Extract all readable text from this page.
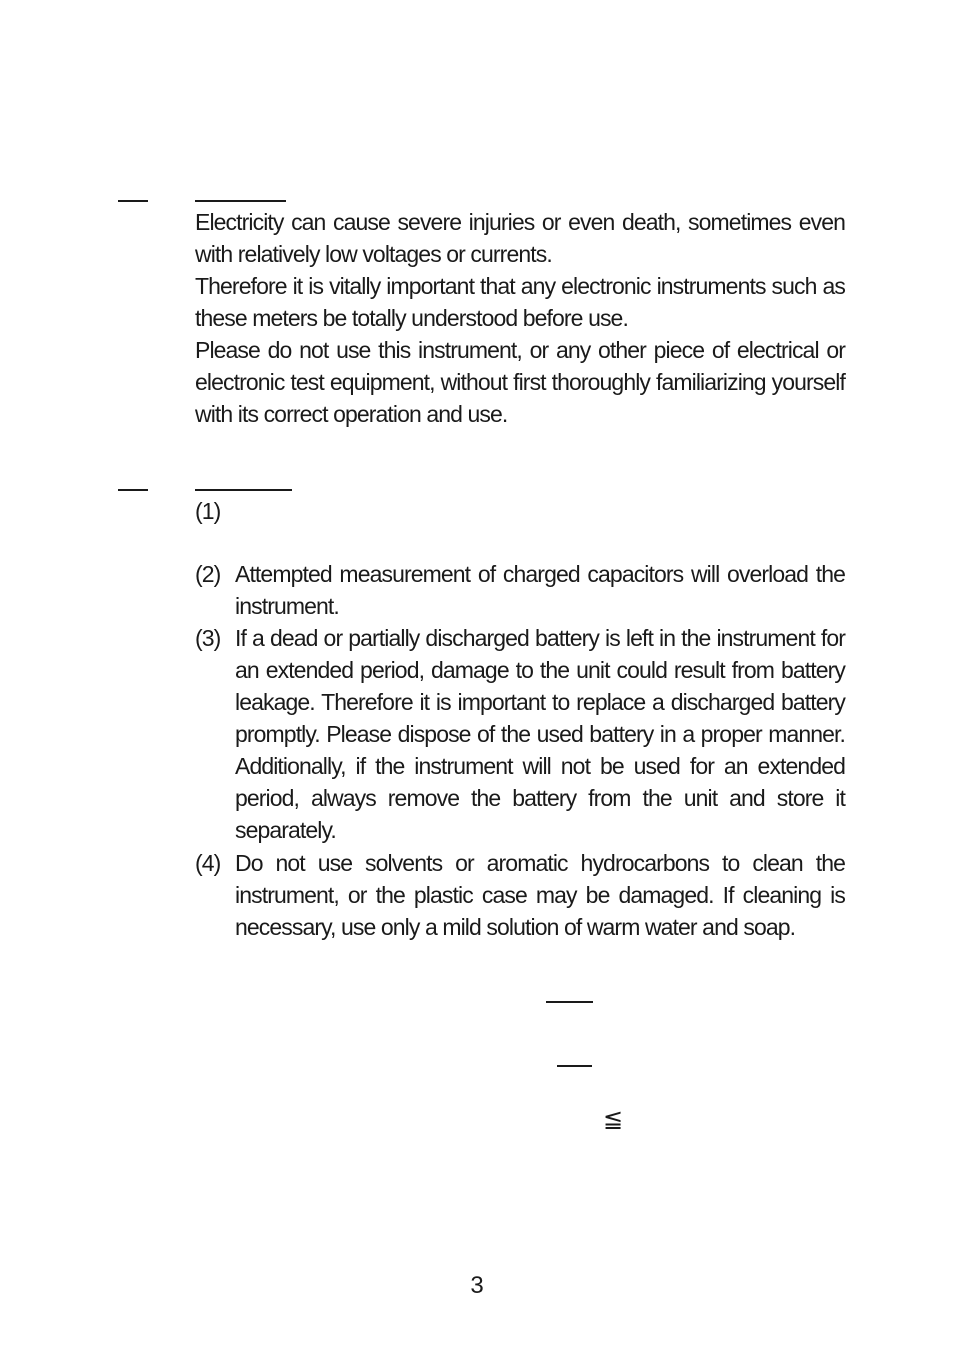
Electricity can cause severe injuries or even death, sometimes even with relatively low voltages or currents.

Therefore it is vitally important that any electronic instruments such as these meters be totally understood before use.

Please do not use this instrument, or any other piece of electrical or electronic test equipment, without first thoroughly familiarizing yourself with its correct operation and use.

(1)
(2) Attempted measurement of charged capacitors will overload the instrument.
(3) If a dead or partially discharged battery is left in the instrument for an extended period, damage to the unit could result from battery leakage. Therefore it is important to replace a discharged battery promptly. Please dispose of the used battery in a proper manner. Additionally, if the instrument will not be used for an extended period, always remove the battery from the unit and store it separately.
(4) Do not use solvents or aromatic hydrocarbons to clean the instrument, or the plastic case may be damaged. If cleaning is necessary, use only a mild solution of warm water and soap.
≦
3
